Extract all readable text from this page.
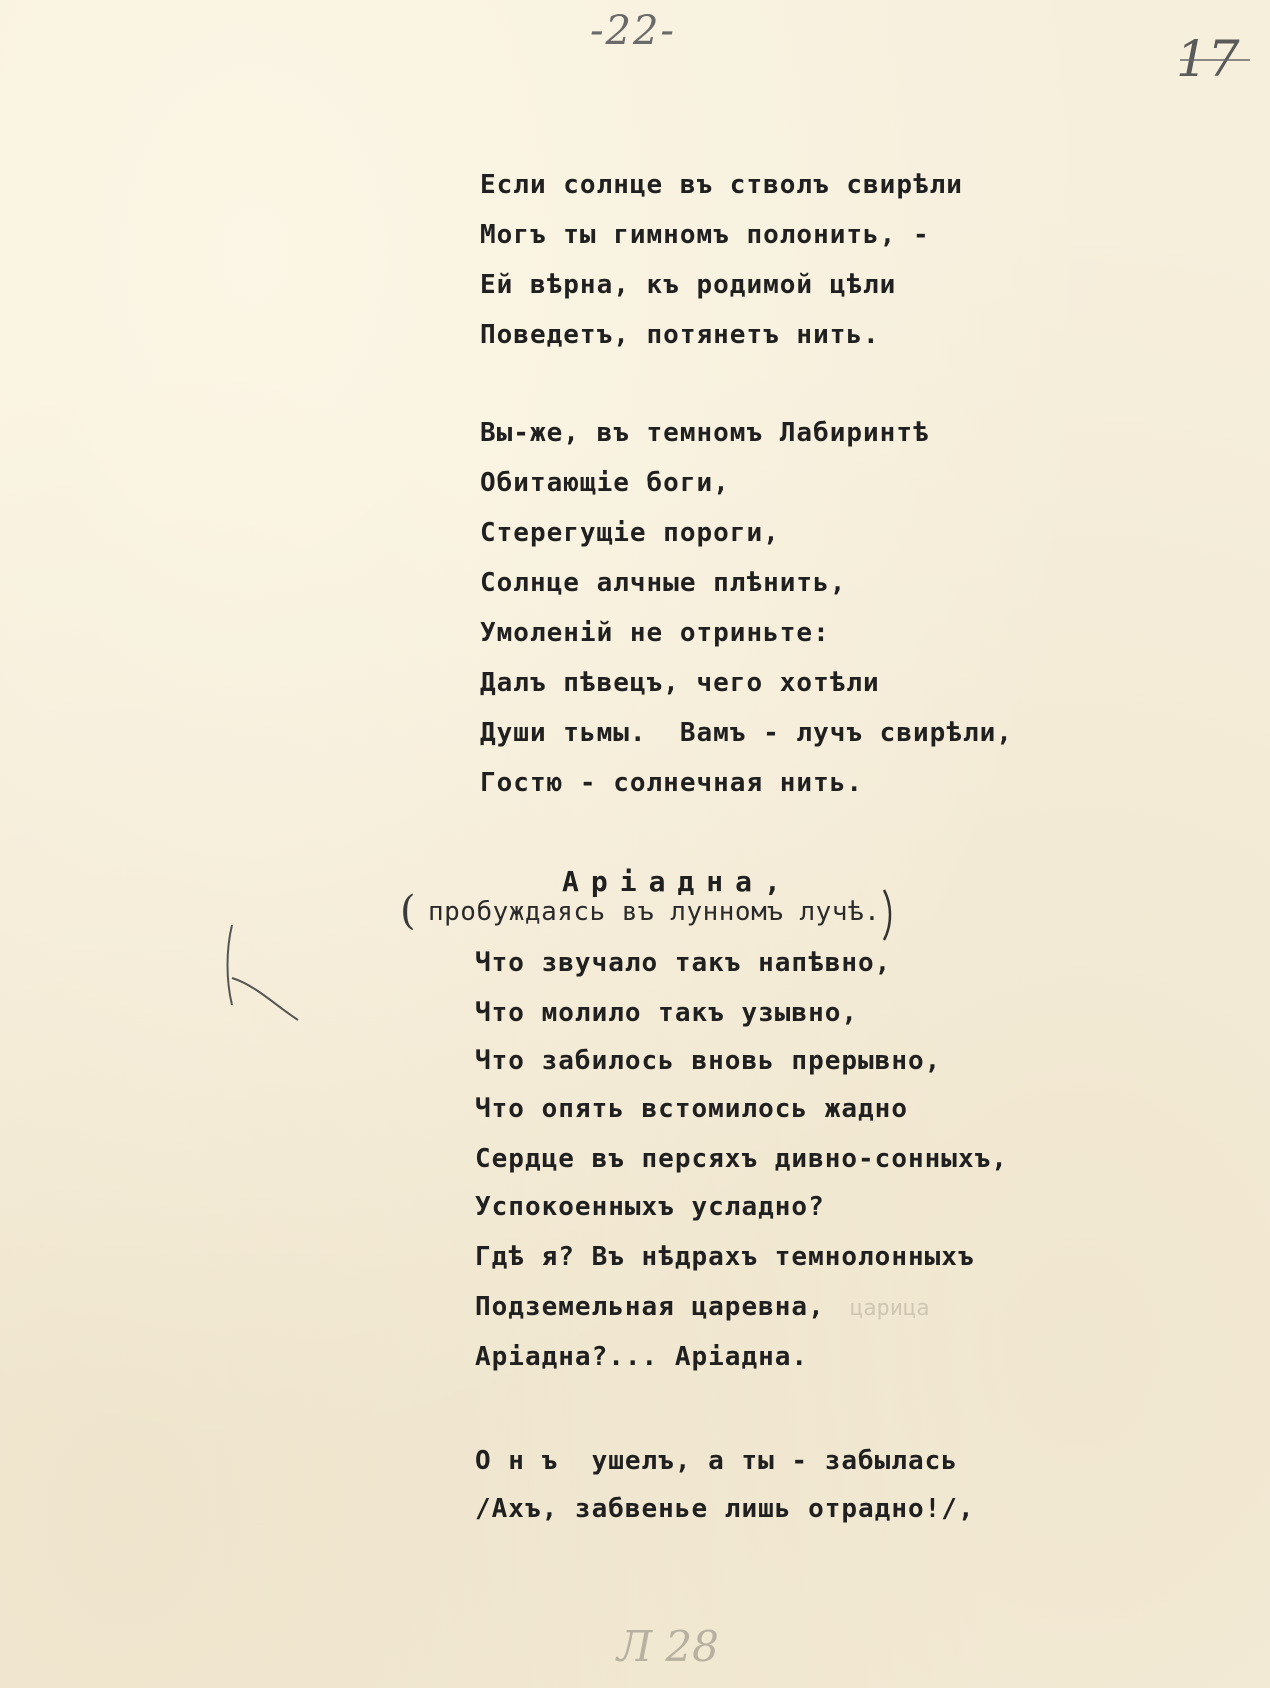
-22-	17
Л 28
Если солнце въ стволъ свирѣли
Могъ ты гимномъ полонить, -
Ей вѣрна, къ родимой цѣли
Поведетъ, потянетъ нить.
Вы-же, въ темномъ Лабиринтѣ
Обитающіе боги,
Стерегущіе пороги,
Солнце алчные плѣнить,
Умоленій не отриньте:
Далъ пѣвецъ, чего хотѣли
Души тьмы.  Вамъ - лучъ свирѣли,
Гостю - солнечная нить.
Аріадна,
( пробуждаясь въ лунномъ лучѣ.
Что звучало такъ напѣвно,
Что молило такъ узывно,
Что забилось вновь прерывно,
Что опять встомилось жадно
Сердце въ персяхъ дивно-сонныхъ,
Успокоенныхъ усладно?
Гдѣ я? Въ нѣдрахъ темнолонныхъ
Подземельная царевна, царица
Аріадна?... Аріадна.
О н ъ  ушелъ, а ты - забылась
/Ахъ, забвенье лишь отрадно!/,
